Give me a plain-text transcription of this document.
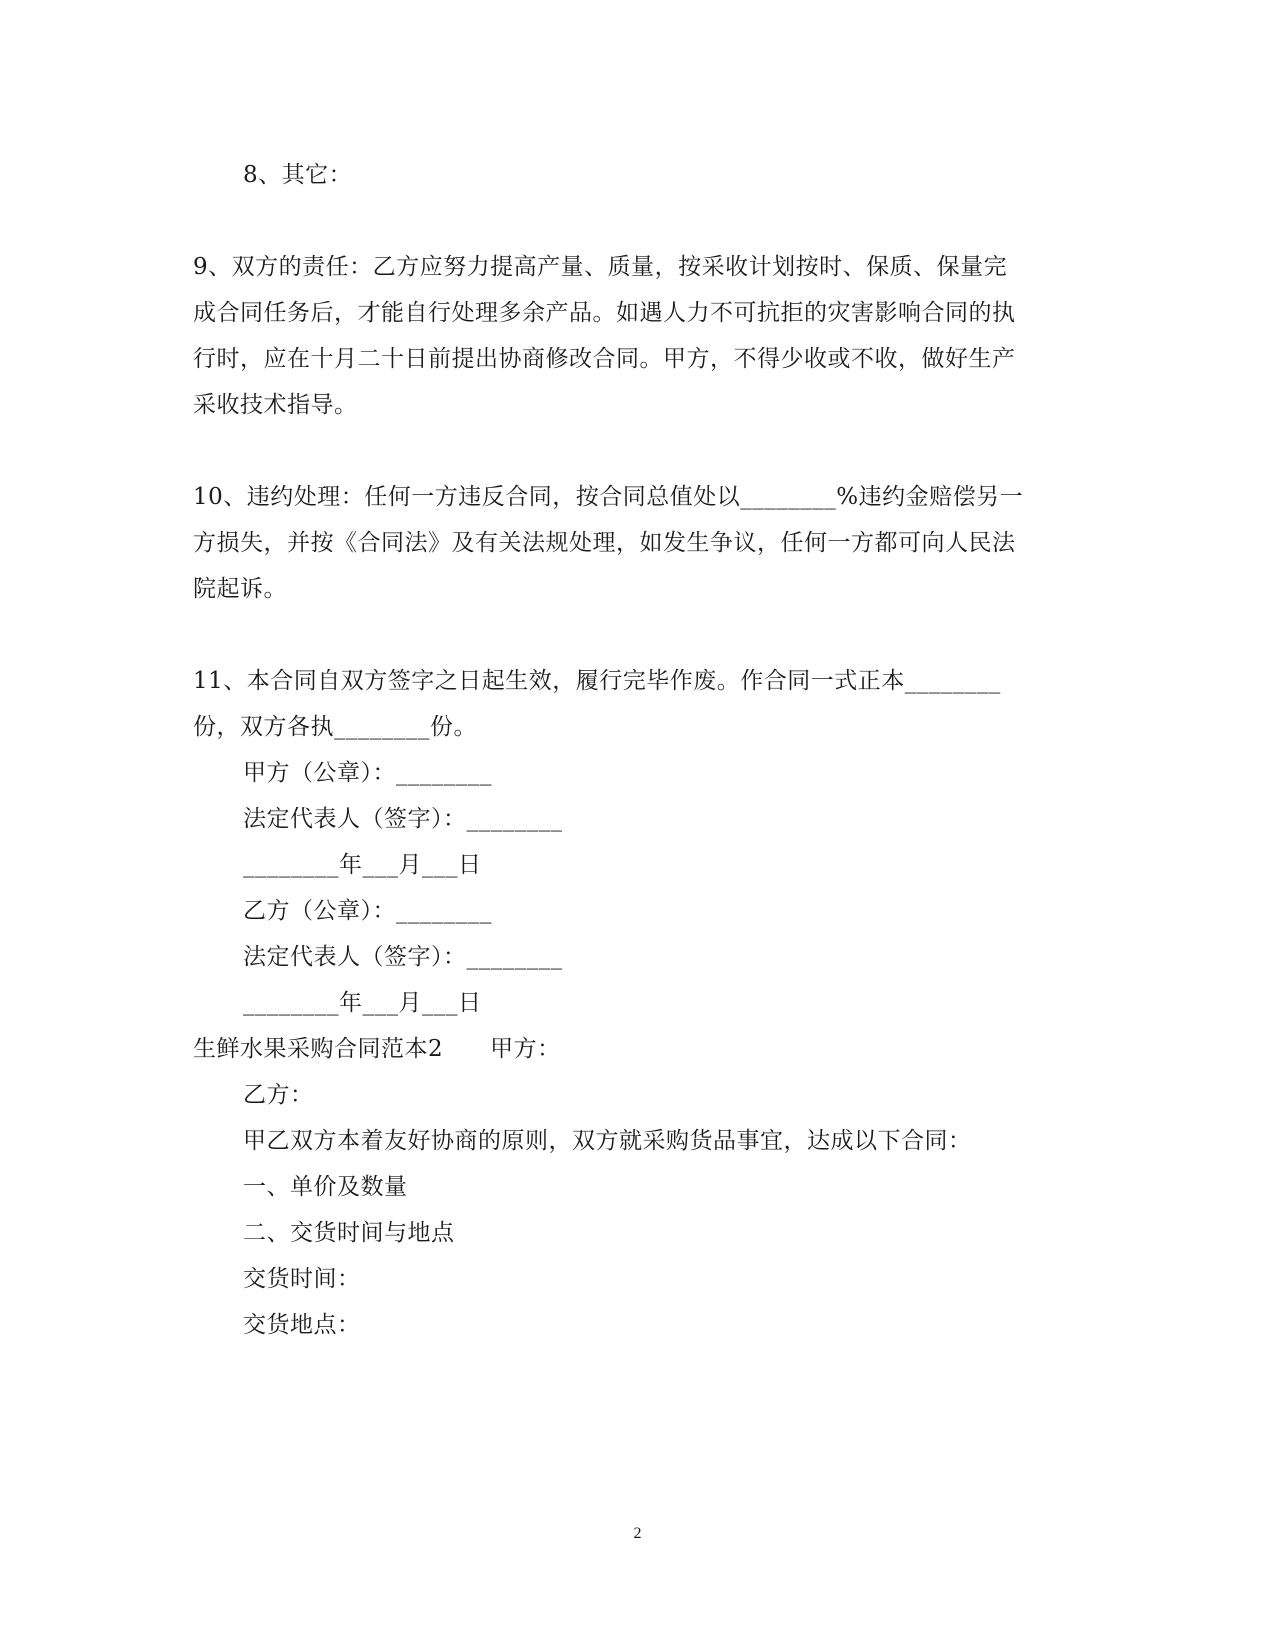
8、其它：
9、双方的责任：乙方应努力提高产量、质量，按采收计划按时、保质、保量完
成合同任务后，才能自行处理多余产品。如遇人力不可抗拒的灾害影响合同的执
行时，应在十月二十日前提出协商修改合同。甲方，不得少收或不收，做好生产
采收技术指导。
10、违约处理：任何一方违反合同，按合同总值处以________%违约金赔偿另一
方损失，并按《合同法》及有关法规处理，如发生争议，任何一方都可向人民法
院起诉。
11、本合同自双方签字之日起生效，履行完毕作废。作合同一式正本________
份，双方各执________份。
甲方（公章）：________
法定代表人（签字）：________
________年___月___日
乙方（公章）：________
法定代表人（签字）：________
________年___月___日
生鲜水果采购合同范本2　　甲方：
乙方：
甲乙双方本着友好协商的原则，双方就采购货品事宜，达成以下合同：
一、单价及数量
二、交货时间与地点
交货时间：
交货地点：
2
